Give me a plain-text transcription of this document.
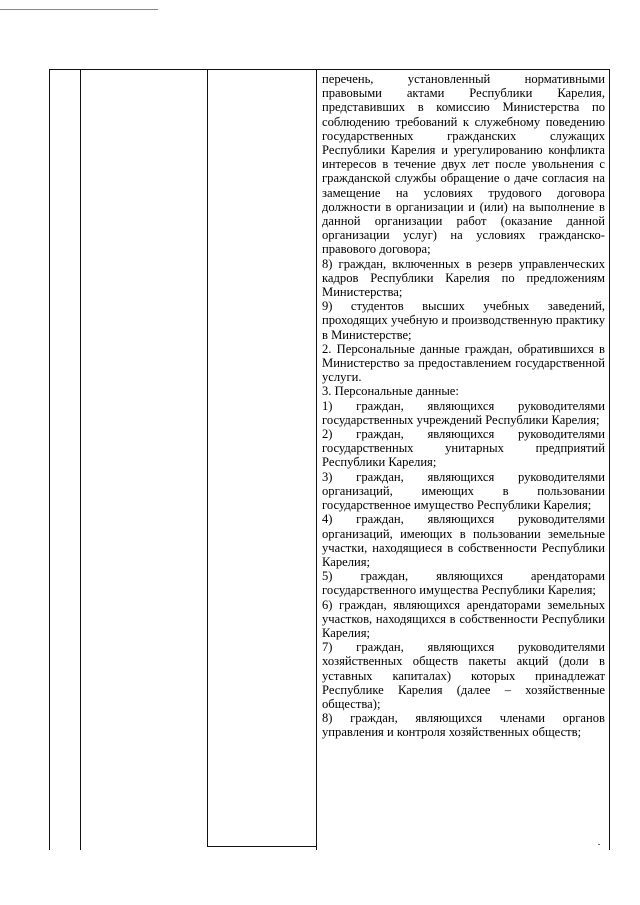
перечень, установленный нормативными правовыми актами Республики Карелия, представивших в комиссию Министерства по соблюдению требований к служебному поведению государственных гражданских служащих Республики Карелия и урегулированию конфликта интересов в течение двух лет после увольнения с гражданской службы обращение о даче согласия на замещение на условиях трудового договора должности в организации и (или) на выполнение в данной организации работ (оказание данной организации услуг) на условиях гражданско-правового договора;

8) граждан, включенных в резерв управленческих кадров Республики Карелия по предложениям Министерства;

9) студентов высших учебных заведений, проходящих учебную и производственную практику в Министерстве;

2. Персональные данные граждан, обратившихся в Министерство за предоставлением государственной услуги.

3. Персональные данные:

1) граждан, являющихся руководителями государственных учреждений Республики Карелия;

2) граждан, являющихся руководителями государственных унитарных предприятий Республики Карелия;

3) граждан, являющихся руководителями организаций, имеющих в пользовании государственное имущество Республики Карелия;

4) граждан, являющихся руководителями организаций, имеющих в пользовании земельные участки, находящиеся в собственности Республики Карелия;

5) граждан, являющихся арендаторами государственного имущества Республики Карелия;

6) граждан, являющихся арендаторами земельных участков, находящихся в собственности Республики Карелия;

7) граждан, являющихся руководителями хозяйственных обществ пакеты акций (доли в уставных капиталах) которых принадлежат Республике Карелия (далее – хозяйственные общества);

8) граждан, являющихся членами органов управления и контроля хозяйственных обществ;
